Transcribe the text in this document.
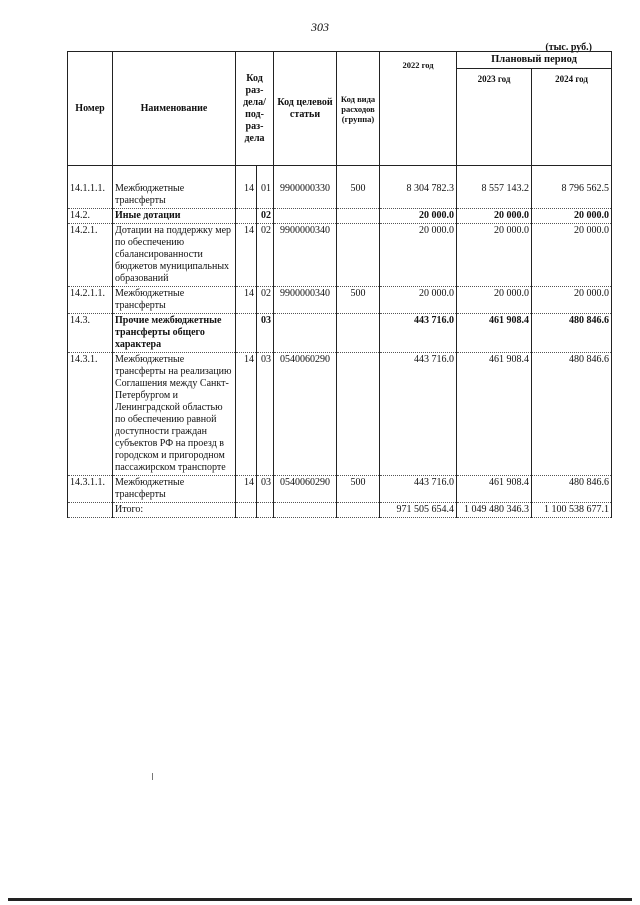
303
(тыс. руб.)
Номер	Наименование	Код раз-дела/ под-раз-дела		Код целевой статьи	Код вида расходов (группа)	2022 год	Плановый период	
							2023 год	2024 год

14.1.1.1.	Межбюджетные трансферты	14	01	9900000330	500	8 304 782.3	8 557 143.2	8 796 562.5
14.2.	Иные дотации		02			20 000.0	20 000.0	20 000.0
14.2.1.	Дотации на поддержку мер по обеспечению сбалансированности бюджетов муниципальных образований	14	02	9900000340		20 000.0	20 000.0	20 000.0
14.2.1.1.	Межбюджетные трансферты	14	02	9900000340	500	20 000.0	20 000.0	20 000.0
14.3.	Прочие межбюджетные трансферты общего характера		03			443 716.0	461 908.4	480 846.6
14.3.1.	Межбюджетные трансферты на реализацию Соглашения между Санкт-Петербургом и Ленинградской областью по обеспечению равной доступности граждан субъектов РФ на проезд в городском и пригородном пассажирском транспорте	14	03	0540060290		443 716.0	461 908.4	480 846.6
14.3.1.1.	Межбюджетные трансферты	14	03	0540060290	500	443 716.0	461 908.4	480 846.6
	Итого:					971 505 654.4	1 049 480 346.3	1 100 538 677.1
